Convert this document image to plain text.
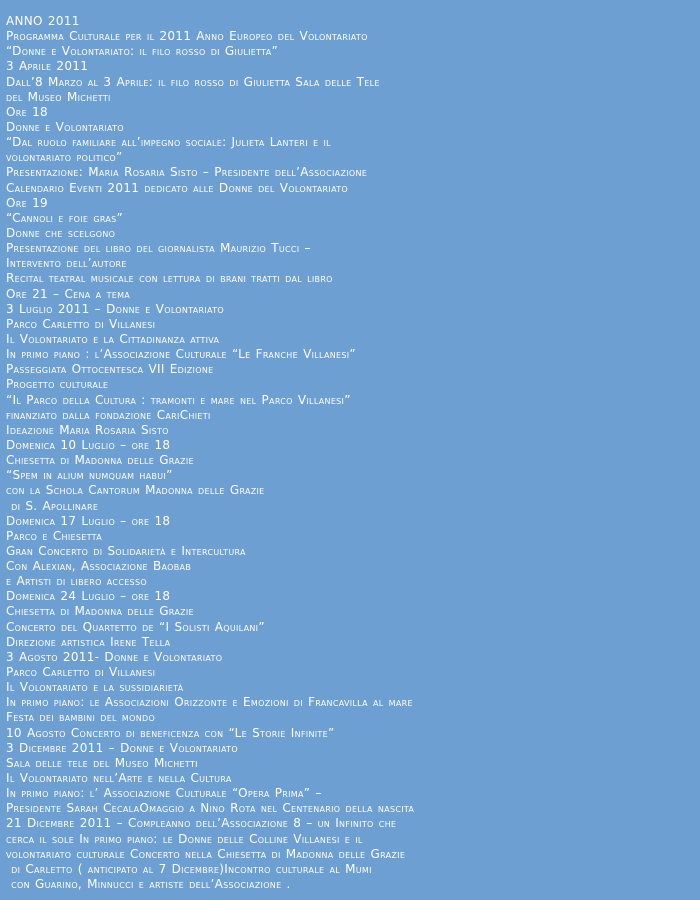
ANNO 2011
Programma Culturale per il 2011 Anno Europeo del Volontariato
“Donne e Volontariato: il filo rosso di Giulietta”
3 Aprile 2011
Dall’8 Marzo al 3 Aprile: il filo rosso di Giulietta Sala delle Tele
del Museo Michetti
Ore 18
Donne e Volontariato
“Dal ruolo familiare all’impegno sociale: Julieta Lanteri e il
volontariato politico”
Presentazione: Maria Rosaria Sisto – Presidente dell’Associazione
Calendario Eventi 2011 dedicato alle Donne del Volontariato
Ore 19
“Cannoli e foie gras”
Donne che scelgono
Presentazione del libro del giornalista Maurizio Tucci –
Intervento dell’autore
Recital teatral musicale con lettura di brani tratti dal libro
Ore 21 – Cena a tema
3 Luglio 2011 – Donne e Volontariato
Parco Carletto di Villanesi
Il Volontariato e la Cittadinanza attiva
In primo piano : l’Associazione Culturale “Le Franche Villanesi”
Passeggiata Ottocentesca VII Edizione
Progetto culturale
“Il Parco della Cultura : tramonti e mare nel Parco Villanesi”
finanziato dalla fondazione CariChieti
Ideazione Maria Rosaria Sisto
Domenica 10 Luglio – ore 18
Chiesetta di Madonna delle Grazie
“Spem in alium numquam habui”
con la Schola Cantorum Madonna delle Grazie
di S. Apollinare
Domenica 17 Luglio – ore 18
Parco e Chiesetta
Gran Concerto di Solidarietà e Intercultura
Con Alexian, Associazione Baobab
e Artisti di libero accesso
Domenica 24 Luglio – ore 18
Chiesetta di Madonna delle Grazie
Concerto del Quartetto de “I Solisti Aquilani”
Direzione artistica Irene Tella
3 Agosto 2011- Donne e Volontariato
Parco Carletto di Villanesi
Il Volontariato e la sussidiarietà
In primo piano: le Associazioni Orizzonte e Emozioni di Francavilla al mare
Festa dei bambini del mondo
10 Agosto Concerto di beneficenza con “Le Storie Infinite”
3 Dicembre 2011 – Donne e Volontariato
Sala delle tele del Museo Michetti
Il Volontariato nell’Arte e nella Cultura
In primo piano: l’ Associazione Culturale “Opera Prima” –
Presidente Sarah CecalaOmaggio a Nino Rota nel Centenario della nascita
21 Dicembre 2011 – Compleanno dell’Associazione 8 – un Infinito che
cerca il sole In primo piano: le Donne delle Colline Villanesi e il
volontariato culturale Concerto nella Chiesetta di Madonna delle Grazie
di Carletto ( anticipato al 7 Dicembre)Incontro culturale al Mumi
con Guarino, Minnucci e artiste dell’Associazione .
